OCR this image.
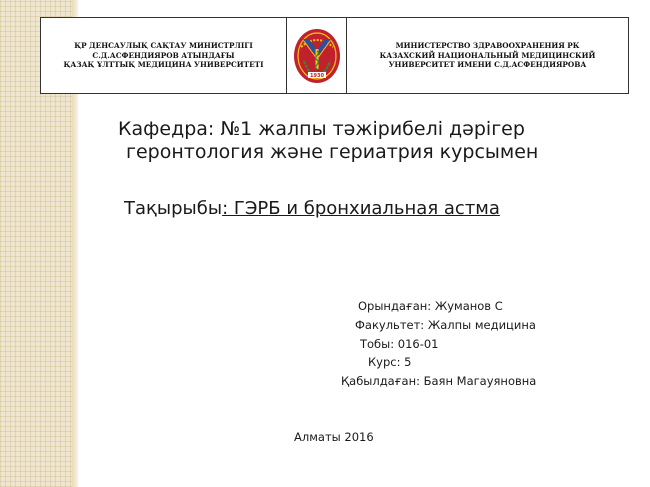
ҚР ДЕНСАУЛЫҚ САҚТАУ МИНИСТРЛІГІ
С.Д.АСФЕНДИЯРОВ АТЫНДАҒЫ
ҚАЗАҚ ҰЛТТЫҚ МЕДИЦИНА УНИВЕРСИТЕТІ

1930

МИНИСТЕРСТВО ЗДРАВООХРАНЕНИЯ РК
КАЗАХСКИЙ НАЦИОНАЛЬНЫЙ МЕДИЦИНСКИЙ
УНИВЕРСИТЕТ ИМЕНИ С.Д.АСФЕНДИЯРОВА
Кафедра: №1 жалпы тәжірибелі дәрігер
геронтология және гериатрия курсымен
Тақырыбы: ГЭРБ и бронхиальная астма
Орындаған: Жуманов С
Факультет: Жалпы медицина
Тобы: 016-01
Курс: 5
Қабылдаған: Баян Магауяновна
Алматы 2016
